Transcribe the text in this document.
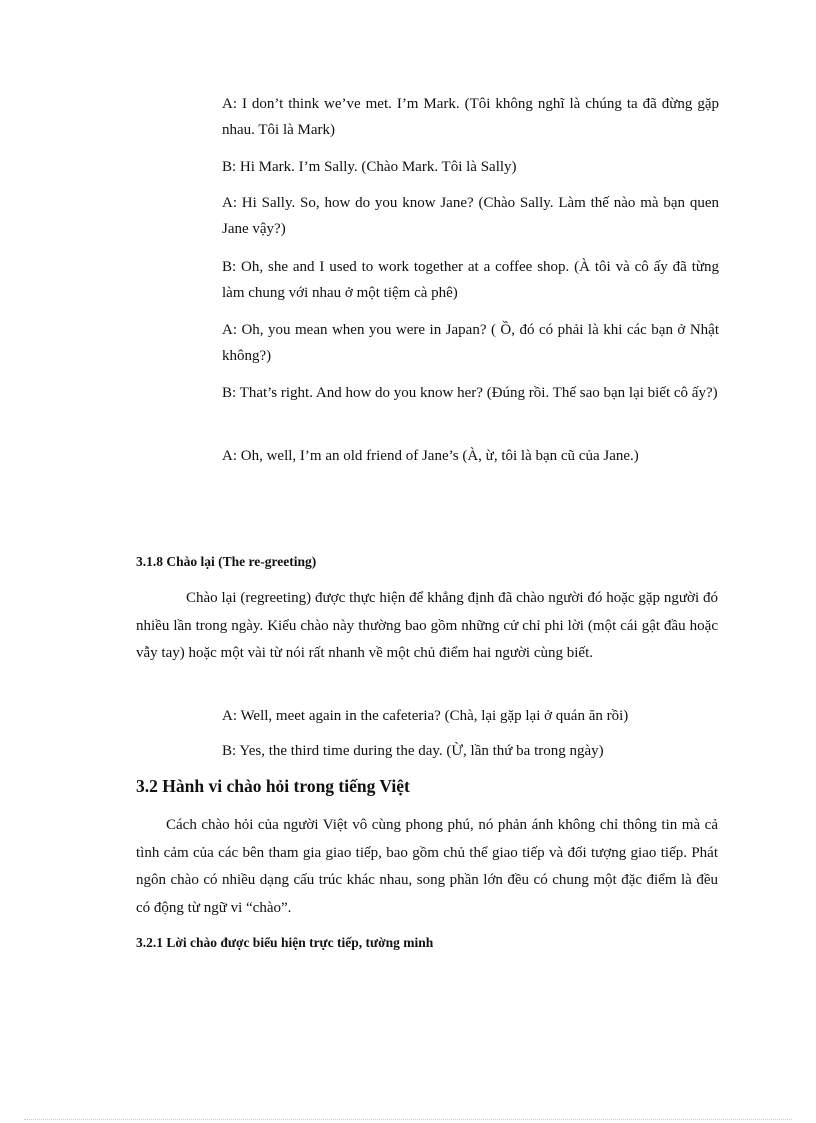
A: I don’t think we’ve met. I’m Mark. (Tôi không nghĩ là chúng ta đã đừng gặp nhau. Tôi là Mark)

B: Hi Mark. I’m Sally. (Chào Mark. Tôi là Sally)

A: Hi Sally. So, how do you know Jane? (Chào Sally. Làm thế nào mà bạn quen Jane vậy?)

B: Oh, she and I used to work together at a coffee shop. (À tôi và cô ấy đã từng làm chung với nhau ở một tiệm cà phê)

A: Oh, you mean when you were in Japan? ( Ồ, đó có phải là khi các bạn ở Nhật không?)

B: That’s right. And how do you know her? (Đúng rồi. Thế sao bạn lại biết cô ấy?)

A: Oh, well, I’m an old friend of Jane’s (À, ừ, tôi là bạn cũ của Jane.)

3.1.8 Chào lại (The re-greeting)

Chào lại (regreeting) được thực hiện để khẳng định đã chào người đó hoặc gặp người đó nhiều lần trong ngày. Kiểu chào này thường bao gồm những cử chỉ phi lời (một cái gật đầu hoặc vẫy tay) hoặc một vài từ nói rất nhanh về một chủ điểm hai người cùng biết.

A: Well, meet again in the cafeteria? (Chà, lại gặp lại ở quán ăn rồi)

B: Yes, the third time during the day. (Ừ, lần thứ ba trong ngày)

3.2 Hành vi chào hỏi trong tiếng Việt

Cách chào hỏi của người Việt vô cùng phong phú, nó phản ánh không chỉ thông tin mà cả tình cảm của các bên tham gia giao tiếp, bao gồm chủ thể giao tiếp và đối tượng giao tiếp. Phát ngôn chào có nhiều dạng cấu trúc khác nhau, song phần lớn đều có chung một đặc điểm là đều có động từ ngữ vi “chào”.

3.2.1 Lời chào được biểu hiện trực tiếp, tường minh
